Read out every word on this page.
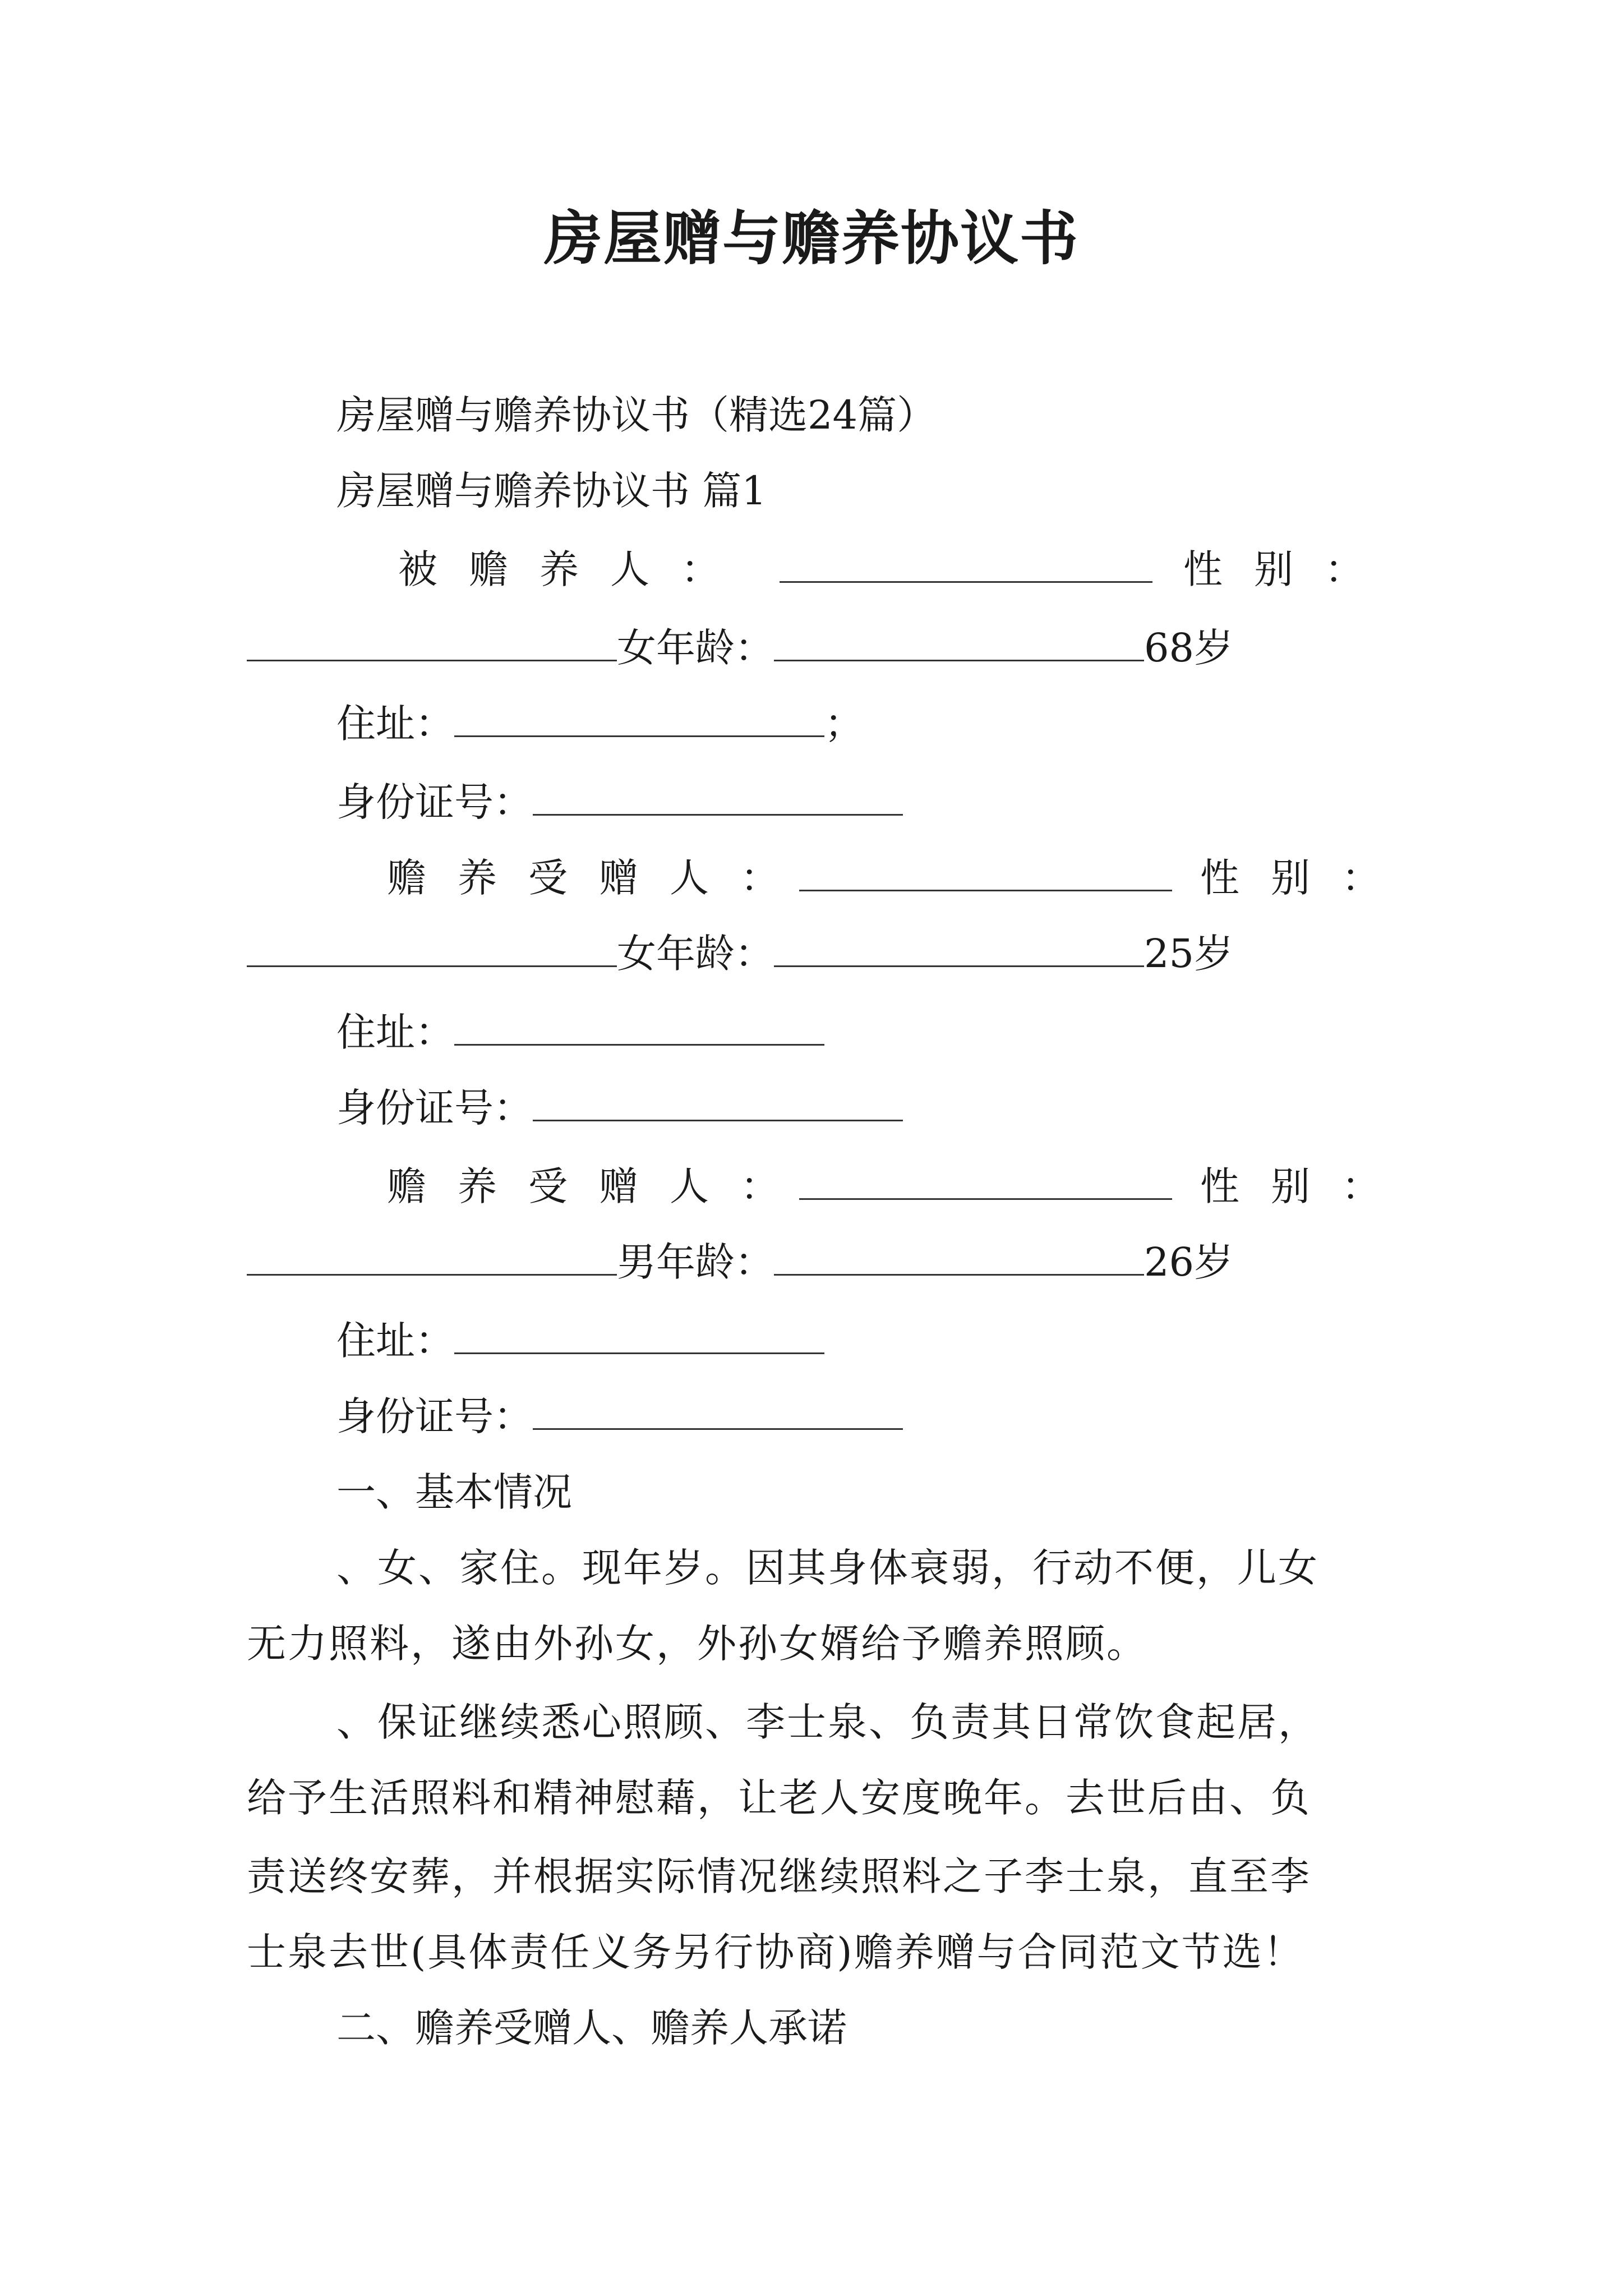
房屋赠与赡养协议书
房屋赠与赡养协议书（精选24篇）
房屋赠与赡养协议书 篇1
被赡养人：	性别：
女年龄：	68岁
住址：	；
身份证号：
赡养受赠人：	性别：
女年龄：	25岁
住址：
身份证号：
赡养受赠人：	性别：
男年龄：	26岁
住址：
身份证号：
一、基本情况
、女、家住。现年岁。因其身体衰弱，行动不便，儿女
无力照料，遂由外孙女，外孙女婿给予赡养照顾。
、保证继续悉心照顾、李士泉、负责其日常饮食起居，
给予生活照料和精神慰藉，让老人安度晚年。去世后由、负
责送终安葬，并根据实际情况继续照料之子李士泉，直至李
士泉去世(具体责任义务另行协商)赡养赠与合同范文节选！
二、赡养受赠人、赡养人承诺
